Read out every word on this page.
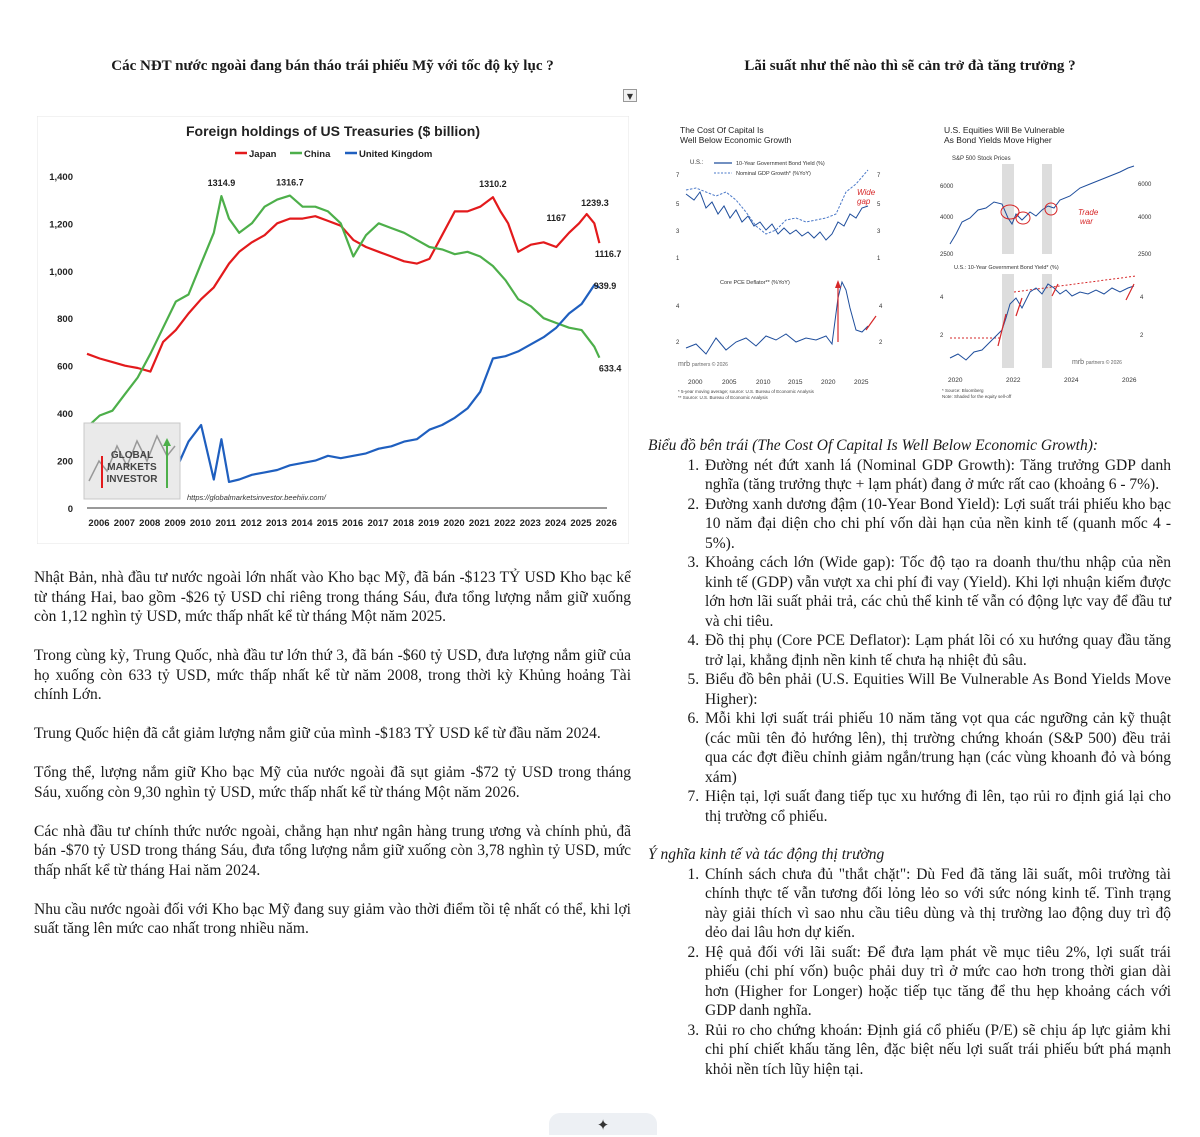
Các NĐT nước ngoài đang bán tháo trái phiếu Mỹ với tốc độ kỷ lục ?	Lãi suất như thế nào thì sẽ cản trở đà tăng trưởng ?
▼
Foreign holdings of US Treasuries ($ billion)
Japan	China	United Kingdom
0
200
400
600
800
1,000
1,200
1,400
2006 2007 2008 2009 2010 2011 2012 2013 2014 2015 2016 2017 2018 2019 2020 2021 2022 2023 2024 2025 2026
1314.9	1316.7	1310.2
1167
1239.3
1116.7
939.9
633.4
GLOBAL MARKETS INVESTOR
https://globalmarketsinvestor.beehiiv.com/
The Cost Of Capital Is Well Below Economic Growth
U.S.:	10-Year Government Bond Yield (%)
Nominal GDP Growth* (%YoY)
7
5
3
1
7
5
3
1
Wide gap
Core PCE Deflator** (%YoY)
4
2
4
2
mrb partners © 2026
2000	2005	2010	2015	2020	2025
* 5-year moving average; source: U.S. Bureau of Economic Analysis
** Source: U.S. Bureau of Economic Analysis
U.S. Equities Will Be Vulnerable As Bond Yields Move Higher
S&P 500 Stock Prices
6000
4000
2500
6000
4000
2500
Trade war
U.S.: 10-Year Government Bond Yield* (%)
4
2
4
2
mrb partners © 2026
2020	2022	2024	2026
* Source: Bloomberg
Note: Shaded for the equity sell-off

Nhật Bản, nhà đầu tư nước ngoài lớn nhất vào Kho bạc Mỹ, đã bán -$123 TỶ USD Kho bạc kể từ tháng Hai, bao gồm -$26 tỷ USD chỉ riêng trong tháng Sáu, đưa tổng lượng nắm giữ xuống còn 1,12 nghìn tỷ USD, mức thấp nhất kể từ tháng Một năm 2025.

Trong cùng kỳ, Trung Quốc, nhà đầu tư lớn thứ 3, đã bán -$60 tỷ USD, đưa lượng nắm giữ của họ xuống còn 633 tỷ USD, mức thấp nhất kể từ năm 2008, trong thời kỳ Khủng hoảng Tài chính Lớn.

Trung Quốc hiện đã cắt giảm lượng nắm giữ của mình -$183 TỶ USD kể từ đầu năm 2024.

Tổng thể, lượng nắm giữ Kho bạc Mỹ của nước ngoài đã sụt giảm -$72 tỷ USD trong tháng Sáu, xuống còn 9,30 nghìn tỷ USD, mức thấp nhất kể từ tháng Một năm 2026.

Các nhà đầu tư chính thức nước ngoài, chẳng hạn như ngân hàng trung ương và chính phủ, đã bán -$70 tỷ USD trong tháng Sáu, đưa tổng lượng nắm giữ xuống còn 3,78 nghìn tỷ USD, mức thấp nhất kể từ tháng Hai năm 2024.

Nhu cầu nước ngoài đối với Kho bạc Mỹ đang suy giảm vào thời điểm tồi tệ nhất có thể, khi lợi suất tăng lên mức cao nhất trong nhiều năm.

Biểu đồ bên trái (The Cost Of Capital Is Well Below Economic Growth):

1. Đường nét đứt xanh lá (Nominal GDP Growth): Tăng trưởng GDP danh nghĩa (tăng trưởng thực + lạm phát) đang ở mức rất cao (khoảng 6 - 7%).
2. Đường xanh dương đậm (10-Year Bond Yield): Lợi suất trái phiếu kho bạc 10 năm đại diện cho chi phí vốn dài hạn của nền kinh tế (quanh mốc 4 - 5%).
3. Khoảng cách lớn (Wide gap): Tốc độ tạo ra doanh thu/thu nhập của nền kinh tế (GDP) vẫn vượt xa chi phí đi vay (Yield). Khi lợi nhuận kiếm được lớn hơn lãi suất phải trả, các chủ thể kinh tế vẫn có động lực vay để đầu tư và chi tiêu.
4. Đồ thị phụ (Core PCE Deflator): Lạm phát lõi có xu hướng quay đầu tăng trở lại, khẳng định nền kinh tế chưa hạ nhiệt đủ sâu.
5. Biểu đồ bên phải (U.S. Equities Will Be Vulnerable As Bond Yields Move Higher):
6. Mỗi khi lợi suất trái phiếu 10 năm tăng vọt qua các ngưỡng cản kỹ thuật (các mũi tên đỏ hướng lên), thị trường chứng khoán (S&P 500) đều trải qua các đợt điều chỉnh giảm ngắn/trung hạn (các vùng khoanh đỏ và bóng xám)
7. Hiện tại, lợi suất đang tiếp tục xu hướng đi lên, tạo rủi ro định giá lại cho thị trường cổ phiếu.

Ý nghĩa kinh tế và tác động thị trường

1. Chính sách chưa đủ "thắt chặt": Dù Fed đã tăng lãi suất, môi trường tài chính thực tế vẫn tương đối lỏng lẻo so với sức nóng kinh tế. Tình trạng này giải thích vì sao nhu cầu tiêu dùng và thị trường lao động duy trì độ dẻo dai lâu hơn dự kiến.
2. Hệ quả đối với lãi suất: Để đưa lạm phát về mục tiêu 2%, lợi suất trái phiếu (chi phí vốn) buộc phải duy trì ở mức cao hơn trong thời gian dài hơn (Higher for Longer) hoặc tiếp tục tăng để thu hẹp khoảng cách với GDP danh nghĩa.
3. Rủi ro cho chứng khoán: Định giá cổ phiếu (P/E) sẽ chịu áp lực giảm khi chi phí chiết khấu tăng lên, đặc biệt nếu lợi suất trái phiếu bứt phá mạnh khỏi nền tích lũy hiện tại.
✦
